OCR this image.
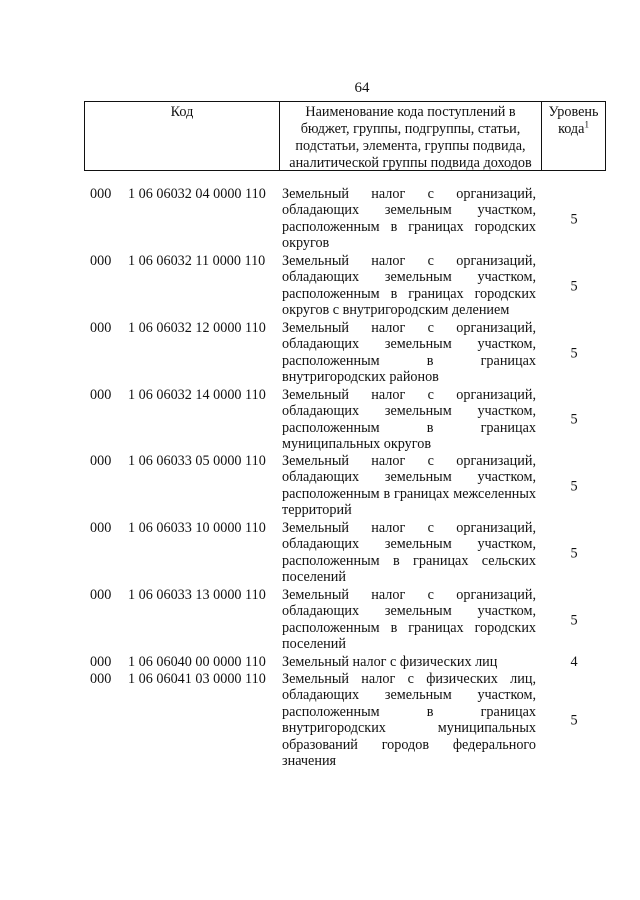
64
Код	Наименование кода поступлений в бюджет, группы, подгруппы, статьи, подстатьи, элемента, группы подвида, аналитической группы подвида доходов
Уровень кода$^1$
000 1 06 06032 04 0000 110 Земельный налог с организаций, обладающих земельным участком, расположенным в границах городских округов
5
000 1 06 06032 11 0000 110 Земельный налог с организаций, обладающих земельным участком, расположенным в границах городских округов с внутригородским делением
5
000 1 06 06032 12 0000 110 Земельный налог с организаций, обладающих земельным участком, расположенным в границах внутригородских районов
5
000 1 06 06032 14 0000 110 Земельный налог с организаций, обладающих земельным участком, расположенным в границах муниципальных округов
5
000 1 06 06033 05 0000 110 Земельный налог с организаций, обладающих земельным участком, расположенным в границах межселенных территорий
5
000 1 06 06033 10 0000 110 Земельный налог с организаций, обладающих земельным участком, расположенным в границах сельских поселений
5
000 1 06 06033 13 0000 110 Земельный налог с организаций, обладающих земельным участком, расположенным в границах городских поселений
5
000 1 06 06040 00 0000 110 Земельный налог с физических лиц	4
000 1 06 06041 03 0000 110 Земельный налог с физических лиц, обладающих земельным участком, расположенным в границах внутригородских муниципальных образований городов федерального значения
5
